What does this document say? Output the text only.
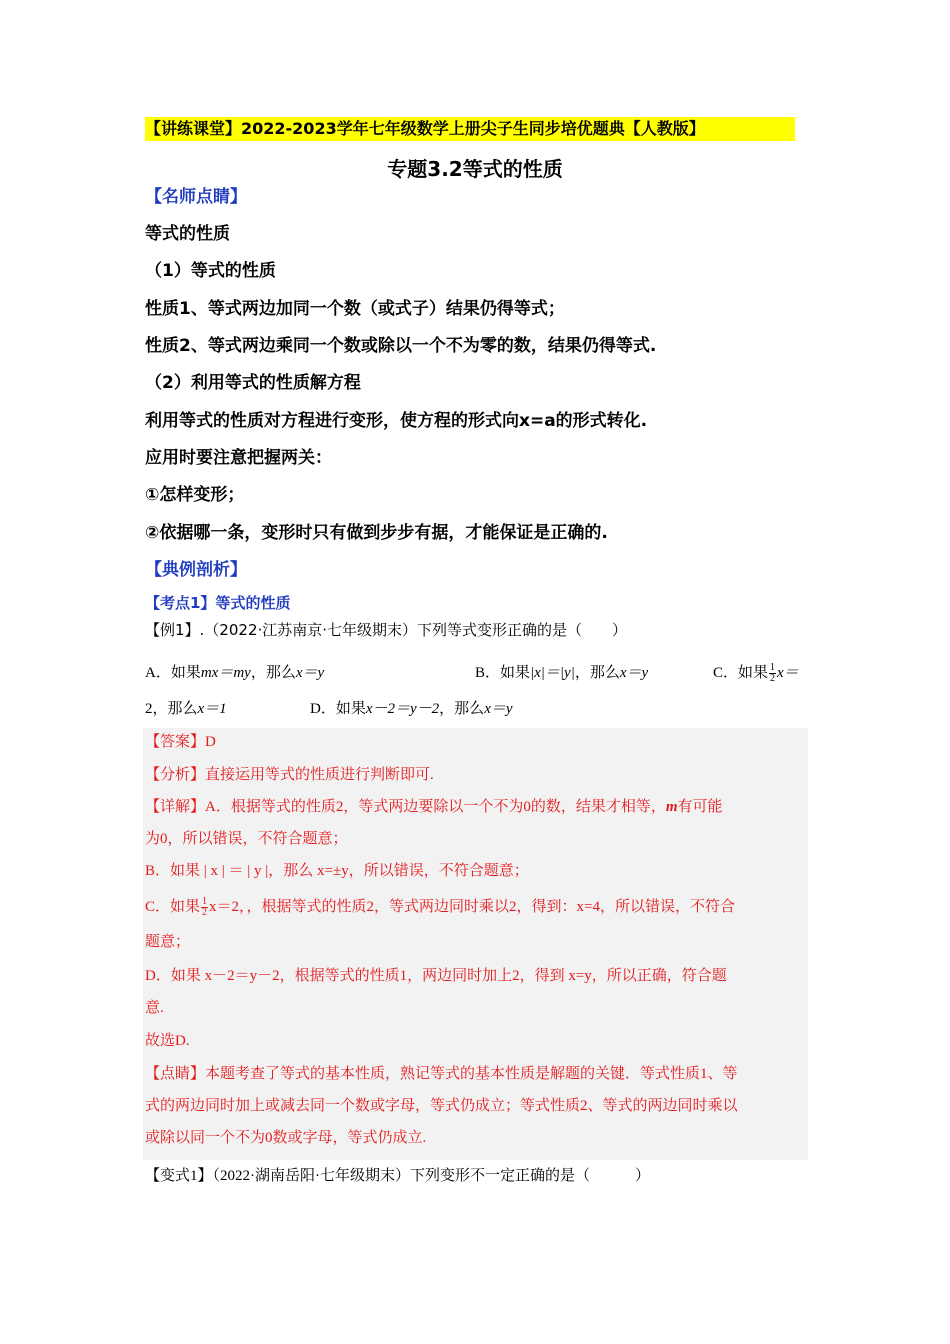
【讲练课堂】2022-2023学年七年级数学上册尖子生同步培优题典【人教版】
专题3.2等式的性质
【名师点睛】
等式的性质
（1）等式的性质
性质1、等式两边加同一个数（或式子）结果仍得等式；
性质2、等式两边乘同一个数或除以一个不为零的数，结果仍得等式.
（2）利用等式的性质解方程
利用等式的性质对方程进行变形，使方程的形式向x=a的形式转化.
应用时要注意把握两关：
①怎样变形；
②依据哪一条，变形时只有做到步步有据，才能保证是正确的.
【典例剖析】
【考点1】等式的性质
【例1】.（2022·江苏南京·七年级期末）下列等式变形正确的是（　　）
A．如果mx＝my，那么x＝y	B．如果|x|＝|y|，那么x＝y	C．如果 $\frac{1}{2} x=$
2，那么x＝1	D．如果x－2＝y－2，那么x＝y
【答案】D
【分析】直接运用等式的性质进行判断即可.
【详解】A．根据等式的性质2，等式两边要除以一个不为0的数，结果才相等，m有可能
为0，所以错误，不符合题意；
B．如果 | x | ＝ | y |，那么 x=±y，所以错误，不符合题意；
C．如果 $\frac{1}{2} x=2$，，根据等式的性质2，等式两边同时乘以2，得到：x=4，所以错误，不符合
题意；
D．如果 x－2＝y－2，根据等式的性质1，两边同时加上2，得到 x=y，所以正确，符合题
意.
故选D.
【点睛】本题考查了等式的基本性质，熟记等式的基本性质是解题的关键．等式性质1、等
式的两边同时加上或减去同一个数或字母，等式仍成立；等式性质2、等式的两边同时乘以
或除以同一个不为0数或字母，等式仍成立.
【变式1】（2022·湖南岳阳·七年级期末）下列变形不一定正确的是（　　　）
